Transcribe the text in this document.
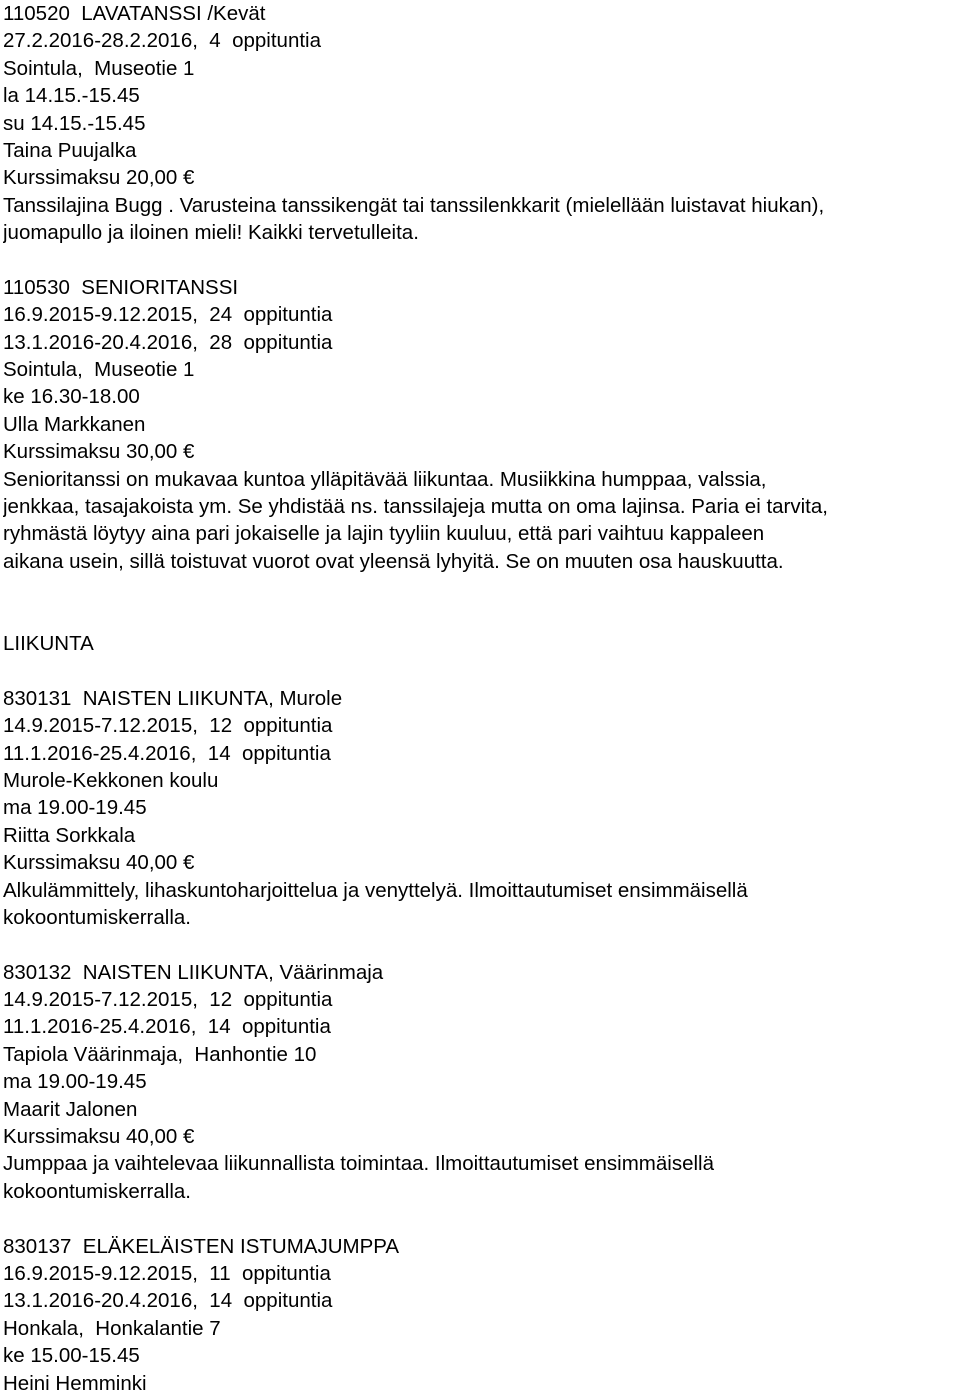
110520  LAVATANSSI /Kevät
27.2.2016-28.2.2016,  4  oppituntia
Sointula,  Museotie 1
la 14.15.-15.45
su 14.15.-15.45
Taina Puujalka
Kurssimaksu 20,00 €
Tanssilajina Bugg . Varusteina tanssikengät tai tanssilenkkarit (mielellään luistavat hiukan),
juomapullo ja iloinen mieli! Kaikki tervetulleita.
110530  SENIORITANSSI
16.9.2015-9.12.2015,  24  oppituntia
13.1.2016-20.4.2016,  28  oppituntia
Sointula,  Museotie 1
ke 16.30-18.00
Ulla Markkanen
Kurssimaksu 30,00 €
Senioritanssi on mukavaa kuntoa ylläpitävää liikuntaa. Musiikkina humppaa, valssia,
jenkkaa, tasajakoista ym. Se yhdistää ns. tanssilajeja mutta on oma lajinsa. Paria ei tarvita,
ryhmästä löytyy aina pari jokaiselle ja lajin tyyliin kuuluu, että pari vaihtuu kappaleen
aikana usein, sillä toistuvat vuorot ovat yleensä lyhyitä. Se on muuten osa hauskuutta.
LIIKUNTA
830131  NAISTEN LIIKUNTA, Murole
14.9.2015-7.12.2015,  12  oppituntia
11.1.2016-25.4.2016,  14  oppituntia
Murole-Kekkonen koulu
ma 19.00-19.45
Riitta Sorkkala
Kurssimaksu 40,00 €
Alkulämmittely, lihaskuntoharjoittelua ja venyttelyä. Ilmoittautumiset ensimmäisellä
kokoontumiskerralla.
830132  NAISTEN LIIKUNTA, Väärinmaja
14.9.2015-7.12.2015,  12  oppituntia
11.1.2016-25.4.2016,  14  oppituntia
Tapiola Väärinmaja,  Hanhontie 10
ma 19.00-19.45
Maarit Jalonen
Kurssimaksu 40,00 €
Jumppaa ja vaihtelevaa liikunnallista toimintaa. Ilmoittautumiset ensimmäisellä
kokoontumiskerralla.
830137  ELÄKELÄISTEN ISTUMAJUMPPA
16.9.2015-9.12.2015,  11  oppituntia
13.1.2016-20.4.2016,  14  oppituntia
Honkala,  Honkalantie 7
ke 15.00-15.45
Heini Hemminki
